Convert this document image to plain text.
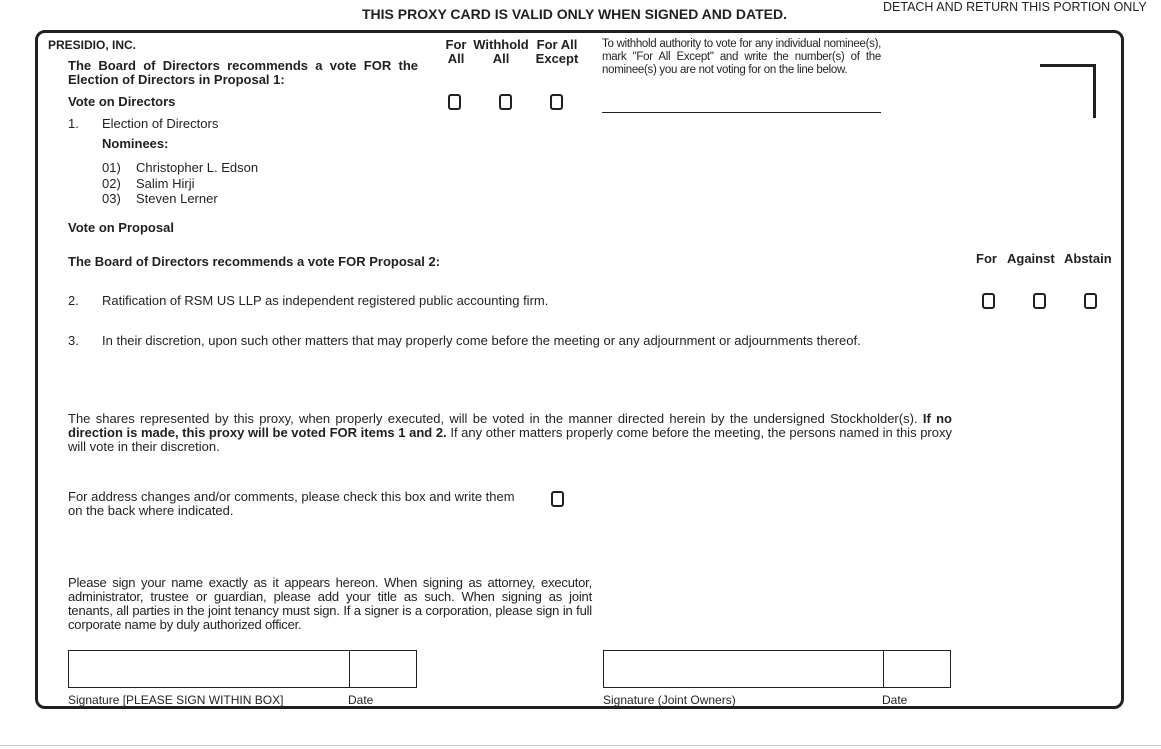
THIS PROXY CARD IS VALID ONLY WHEN SIGNED AND DATED.	DETACH AND RETURN THIS PORTION ONLY
PRESIDIO, INC.
The Board of Directors recommends a vote FOR the Election of Directors in Proposal 1:
Vote on Directors
1. Election of Directors
Nominees:
01) Christopher L. Edson
02) Salim Hirji
03) Steven Lerner
For All
Withhold All
For All Except
To withhold authority to vote for any individual nominee(s), mark "For All Except" and write the number(s) of the nominee(s) you are not voting for on the line below.
Vote on Proposal
The Board of Directors recommends a vote FOR Proposal 2:	For Against Abstain
2. Ratification of RSM US LLP as independent registered public accounting firm.
3. In their discretion, upon such other matters that may properly come before the meeting or any adjournment or adjournments thereof.
The shares represented by this proxy, when properly executed, will be voted in the manner directed herein by the undersigned Stockholder(s). If no direction is made, this proxy will be voted FOR items 1 and 2. If any other matters properly come before the meeting, the persons named in this proxy will vote in their discretion.
For address changes and/or comments, please check this box and write them on the back where indicated.
Please sign your name exactly as it appears hereon. When signing as attorney, executor, administrator, trustee or guardian, please add your title as such. When signing as joint tenants, all parties in the joint tenancy must sign. If a signer is a corporation, please sign in full corporate name by duly authorized officer.
Signature [PLEASE SIGN WITHIN BOX]	Date	Signature (Joint Owners)	Date
